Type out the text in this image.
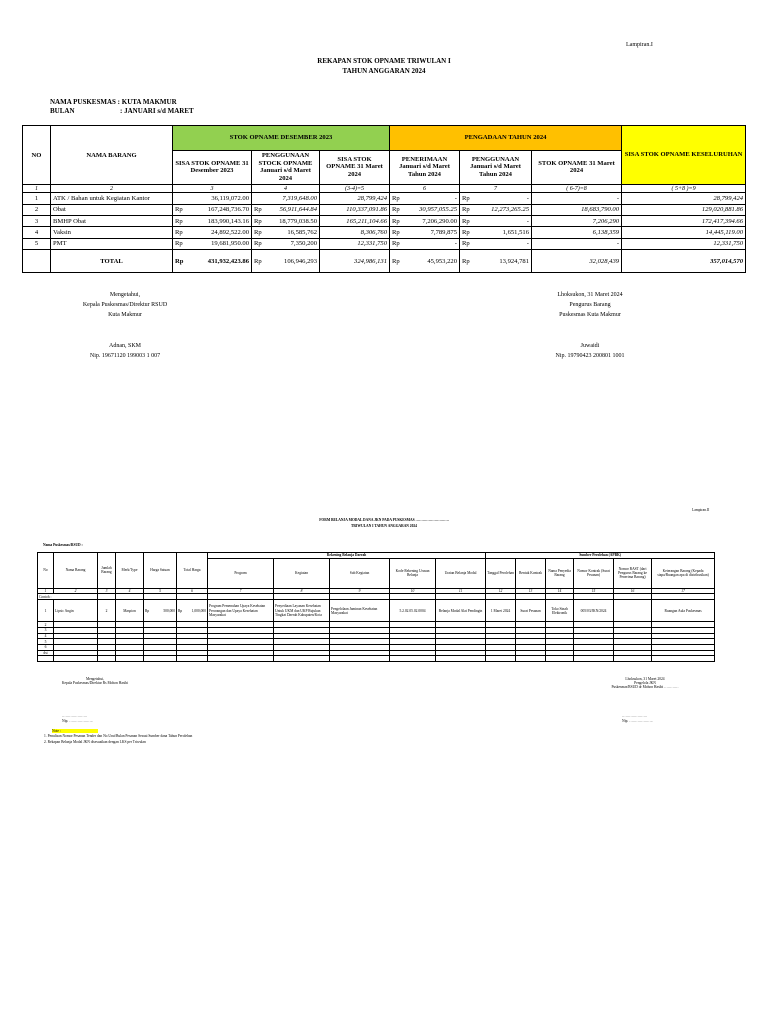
Lampiran.I
REKAPAN STOK OPNAME TRIWULAN I
TAHUN ANGGARAN 2024
NAMA PUSKESMAS : KUTA MAKMUR
BULAN	: JANUARI s/d MARET
NO	NAMA BARANG	STOK OPNAME DESEMBER 2023					PENGADAAN TAHUN 2024					SISA STOK OPNAME KESELURUHAN
		SISA STOK OPNAME 31 Desember 2023		PENGGUNAAN STOCK OPNAME Januari s/d Maret 2024		SISA STOK OPNAME 31 Maret 2024	PENERIMAAN Januari s/d Maret Tahun 2024		PENGGUNAAN Januari s/d Maret Tahun 2024		STOK OPNAME 31 Maret 2024	
1	2	3		4		(3-4)=5	6		7		( 6-7)=8	( 5+8 )=9
1	ATK / Bahan untuk Kegiatan Kantor		36,119,072.00		7,319,648.00	28,799,424	Rp	-	Rp	-	-	28,799,424
2	Obat	Rp	167,248,736.70	Rp	56,911,644.84	110,337,091.86	Rp	30,957,055.25	Rp	12,273,265.25	18,683,790.00	129,020,881.86
3	BMHP Obat	Rp	183,990,143.16	Rp	18,779,038.50	165,211,104.66	Rp	7,206,290.00	Rp	-	7,206,290	172,417,394.66
4	Vaksin	Rp	24,892,522.00	Rp	16,585,762	8,306,760	Rp	7,789,875	Rp	1,651,516	6,138,359	14,445,119.00
5	PMT	Rp	19,681,950.00	Rp	7,350,200	12,331,750	Rp	-	Rp	-	-	12,331,750
	TOTAL	Rp	431,932,423.86	Rp	106,946,293	324,986,131	Rp	45,953,220	Rp	13,924,781	32,028,439	357,014,570
Mengetahui,
Kepala Puskesmas/Direktur RSUD
Kuta Makmur
Adnan, SKM
Nip. 19671120 199003 1 007
Lhoksukon, 31 Maret 2024
Pengurus Barang
Puskesmas Kuta Makmur
Juwaidi
Nip. 19790423 200801 1001
Lampiran.II
FORM BELANJA MODAL DANA JKN PADA PUSKESMAS ……………………….
TRIWULAN I TAHUN ANGGARAN 2024
Nama Puskesmas/RSUD :
No	Nama Barang	Jumlah Barang	Merk/Type	Harga Satuan		Total Harga		Rekening Belanja Daerah					Sumber Perolehan (APBK)					
								Program	Kegiatan	Sub Kegiatan	Kode Rekening Urusan Belanja	Uraian Belanja Modal	Tanggal Perolehan	Bentuk Kontrak	Nama Penyedia Barang	Nomor Kontrak (Surat Pesanan)	Nomor BAST (dari Pengurus Barang ke Penerima Barang)	Keterangan Barang (Kepada siapa/Ruangan apa di distribusikan)
1	2	3	4	5		6		7	8	9	10	11	12	13	14	15	16	17
Contoh :																		
1	Lipsic Angin	2	Maspion	Rp	500,000	Rp	1,000,000	Program Pemenuhan Upaya Kesehatan Perorangan dan Upaya Kesehatan Masyarakat	Penyediaan Layanan Kesehatan Untuk UKM dan UKP Rujukan Tingkat Daerah Kabupaten/Kota	Pengelolaan Jaminan Kesehatan Masyarakat	5.2.02.05.02.0004	Belanja Modal Alat Pendingin	1 Maret 2024	Surat Pesanan	Toko Sinah Elektronik	005/03/JKN/2024		Ruangan Aula Puskesmas
2																		
3																		
4																		
5																		
6																		
dst																		

Mengetahui,
Kepala Puskesmas/Direktur Rs Mohon Hasibi
…………………
Nip. ………………..
Lhoksukon, 31 Maret 2024
Pengelola JKN
Puskesmas/RSUD dr Mohon Hasibi …………
…………………
Nip. ………………..
Note :
1. Penulisan Nomor Pesanan Tender dan No.Urut/Bulan Pesanan Sesuai Sumber dana Tahun Perolehan
2. Rekapan Belanja Modal JKN disesuaikan dengan LKS per Triwulan
